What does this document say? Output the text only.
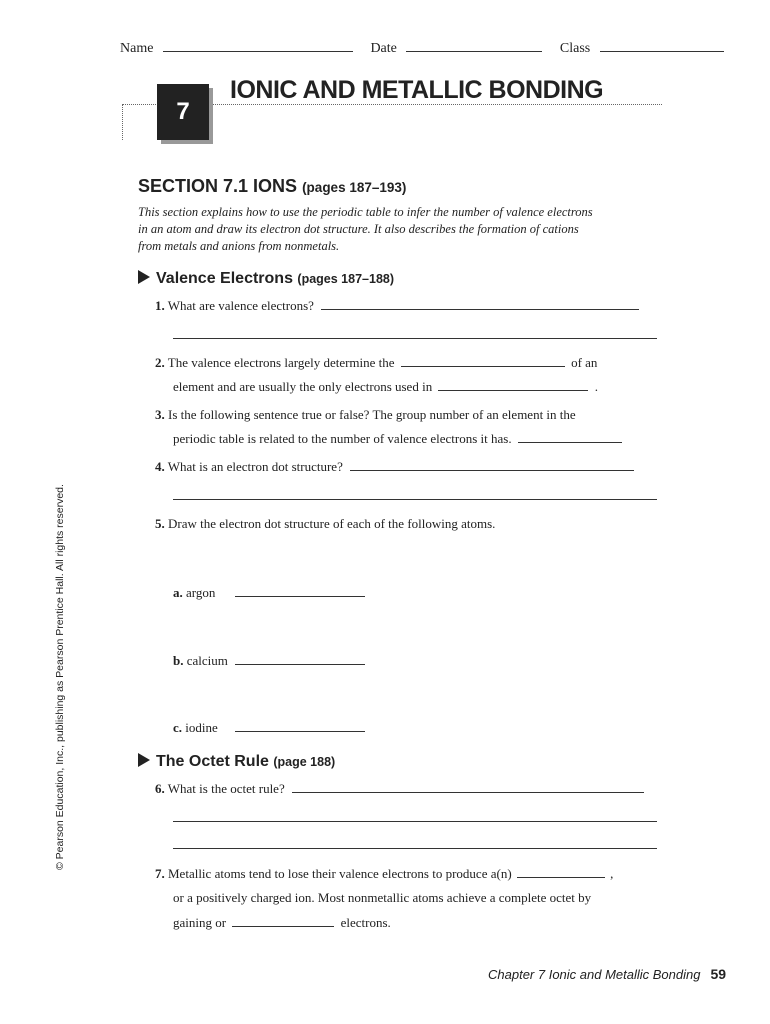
Name	Date	Class
7
IONIC AND METALLIC BONDING
SECTION 7.1 IONS (pages 187–193)
This section explains how to use the periodic table to infer the number of valence electrons in an atom and draw its electron dot structure. It also describes the formation of cations from metals and anions from nonmetals.
Valence Electrons (pages 187–188)
1. What are valence electrons?
2. The valence electrons largely determine the	of an
element and are usually the only electrons used in	.
3. Is the following sentence true or false? The group number of an element in the
periodic table is related to the number of valence electrons it has.
4. What is an electron dot structure?
5. Draw the electron dot structure of each of the following atoms.
a. argon
b. calcium
c. iodine
The Octet Rule (page 188)
6. What is the octet rule?
7. Metallic atoms tend to lose their valence electrons to produce a(n)	,
or a positively charged ion. Most nonmetallic atoms achieve a complete octet by
gaining or	electrons.
© Pearson Education, Inc., publishing as Pearson Prentice Hall. All rights reserved.
Chapter 7 Ionic and Metallic Bonding 59
